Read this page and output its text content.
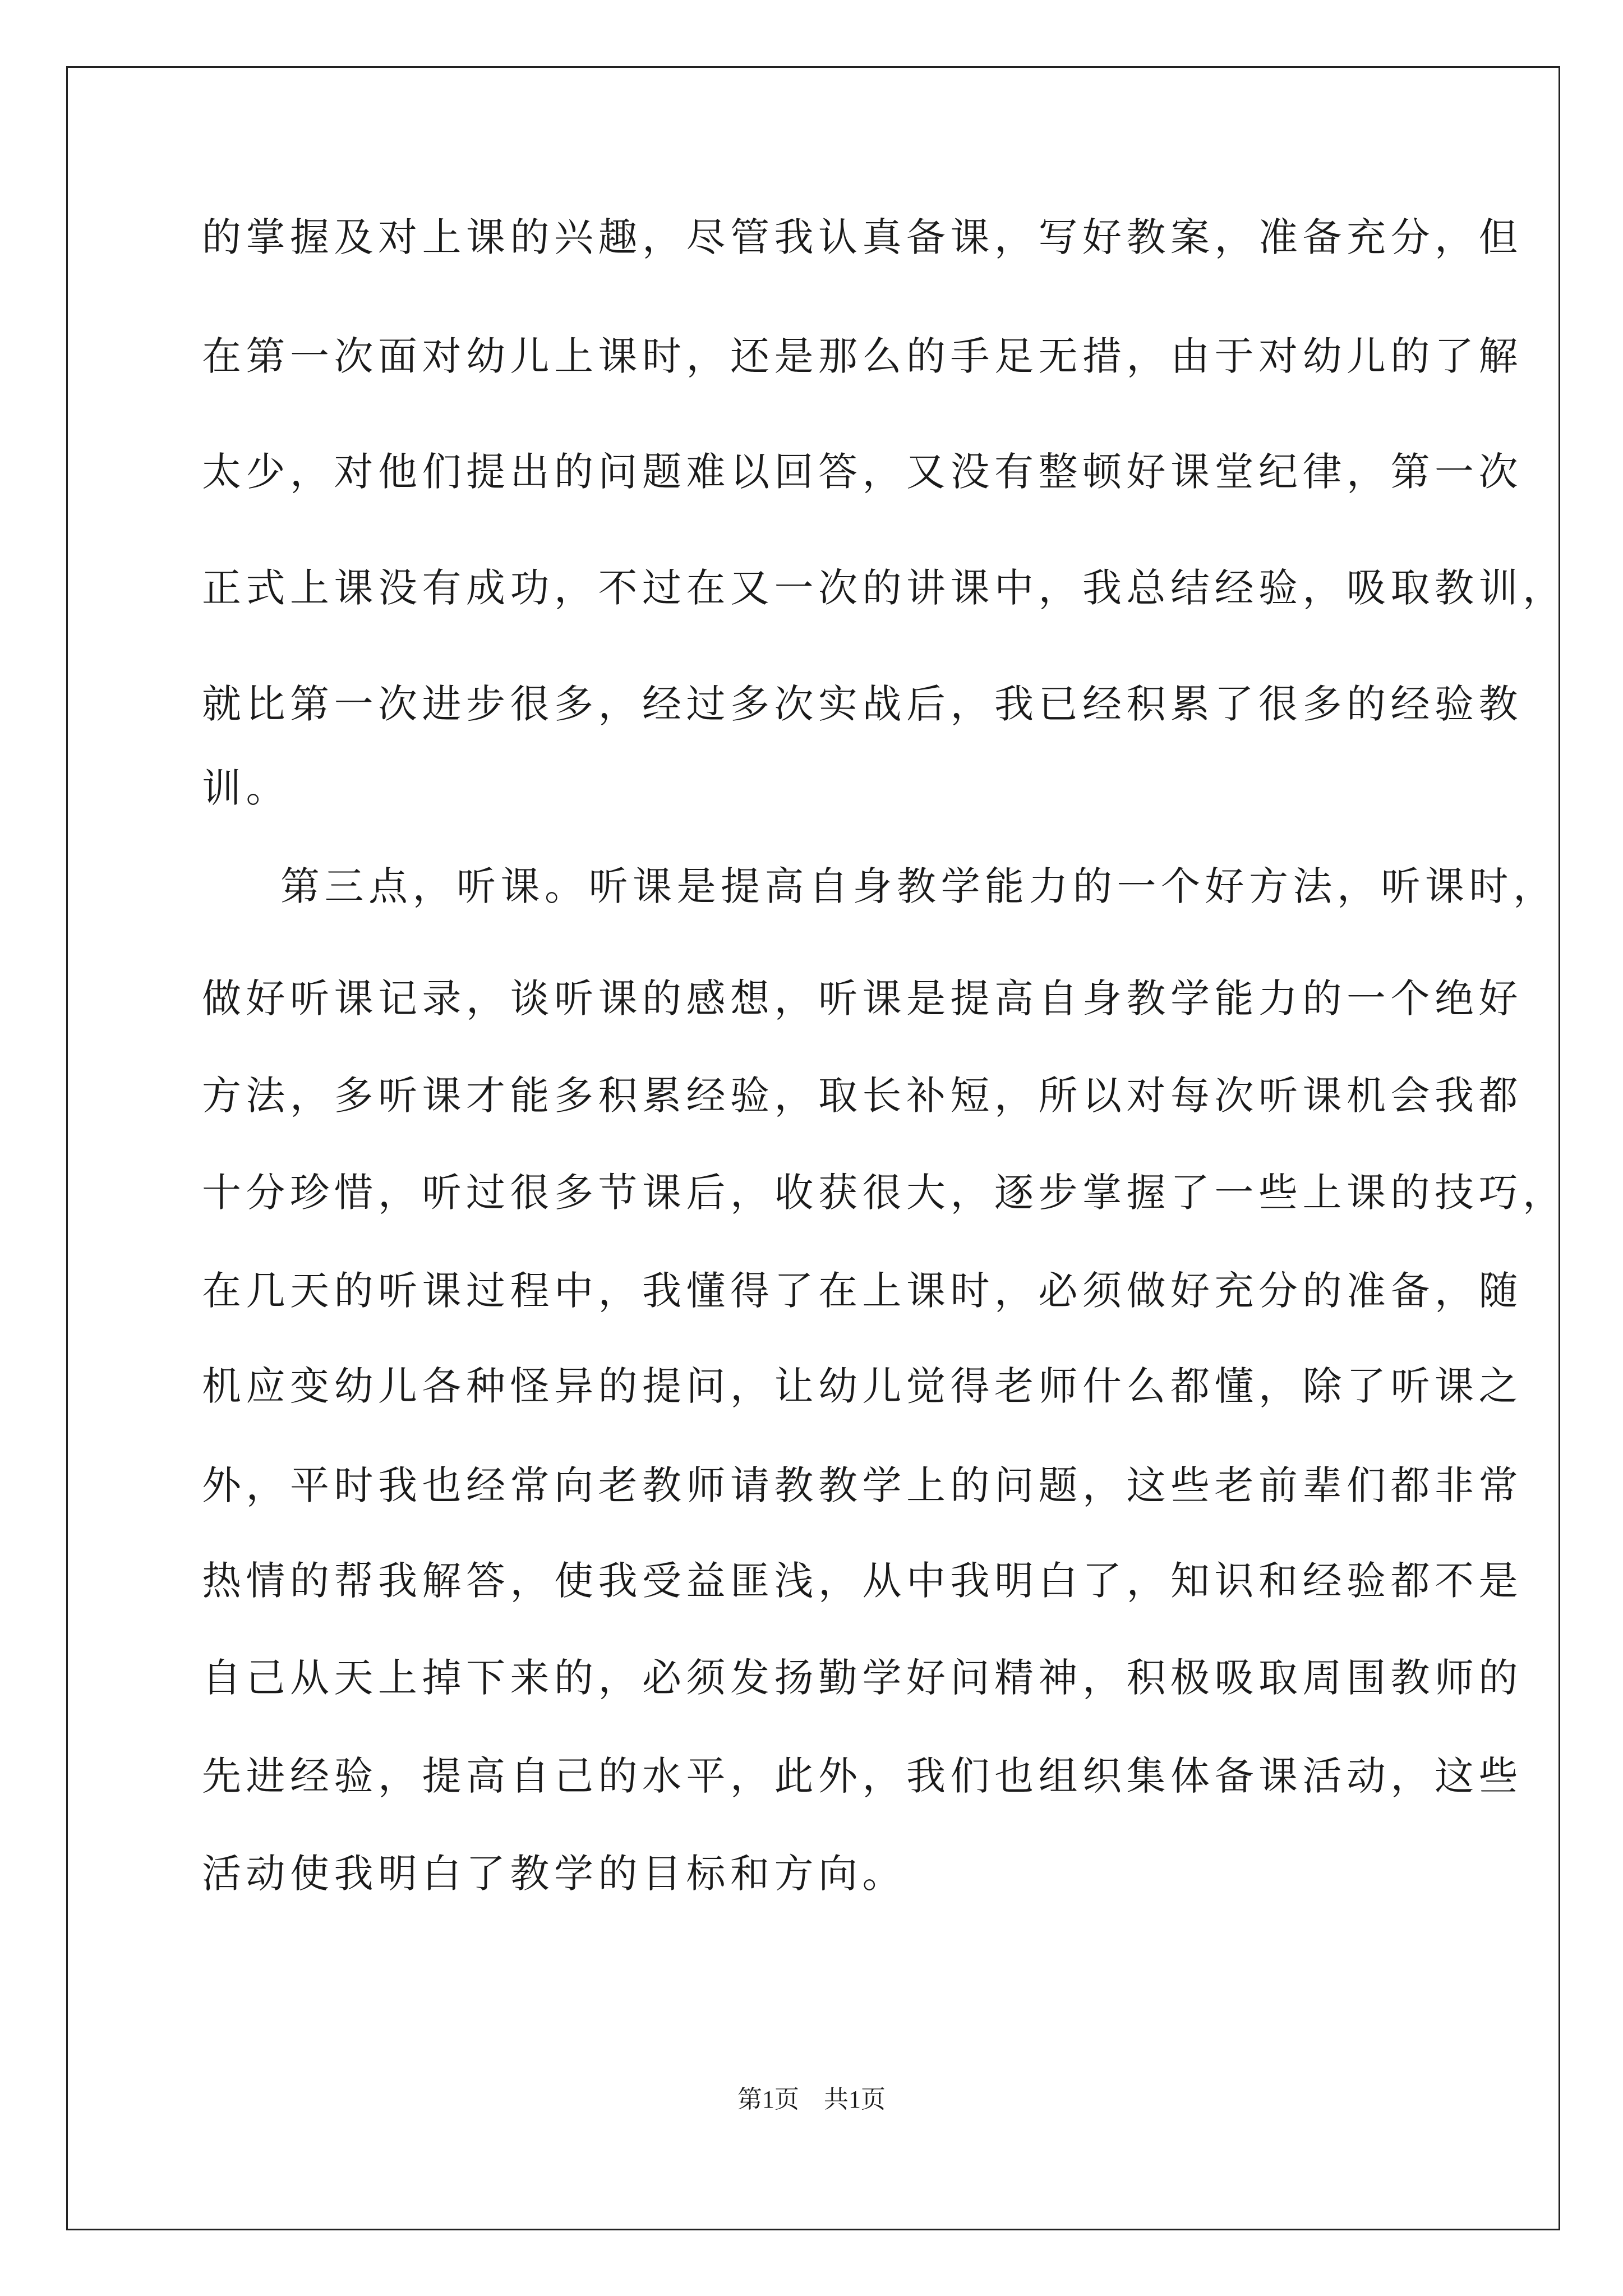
的掌握及对上课的兴趣，尽管我认真备课，写好教案，准备充分，但
在第一次面对幼儿上课时，还是那么的手足无措，由于对幼儿的了解
太少，对他们提出的问题难以回答，又没有整顿好课堂纪律，第一次
正式上课没有成功，不过在又一次的讲课中，我总结经验，吸取教训，
就比第一次进步很多，经过多次实战后，我已经积累了很多的经验教
训。
第三点，听课。听课是提高自身教学能力的一个好方法，听课时，
做好听课记录，谈听课的感想，听课是提高自身教学能力的一个绝好
方法，多听课才能多积累经验，取长补短，所以对每次听课机会我都
十分珍惜，听过很多节课后，收获很大，逐步掌握了一些上课的技巧，
在几天的听课过程中，我懂得了在上课时，必须做好充分的准备，随
机应变幼儿各种怪异的提问，让幼儿觉得老师什么都懂，除了听课之
外，平时我也经常向老教师请教教学上的问题，这些老前辈们都非常
热情的帮我解答，使我受益匪浅，从中我明白了，知识和经验都不是
自己从天上掉下来的，必须发扬勤学好问精神，积极吸取周围教师的
先进经验，提高自己的水平，此外，我们也组织集体备课活动，这些
活动使我明白了教学的目标和方向。
第1页　共1页
